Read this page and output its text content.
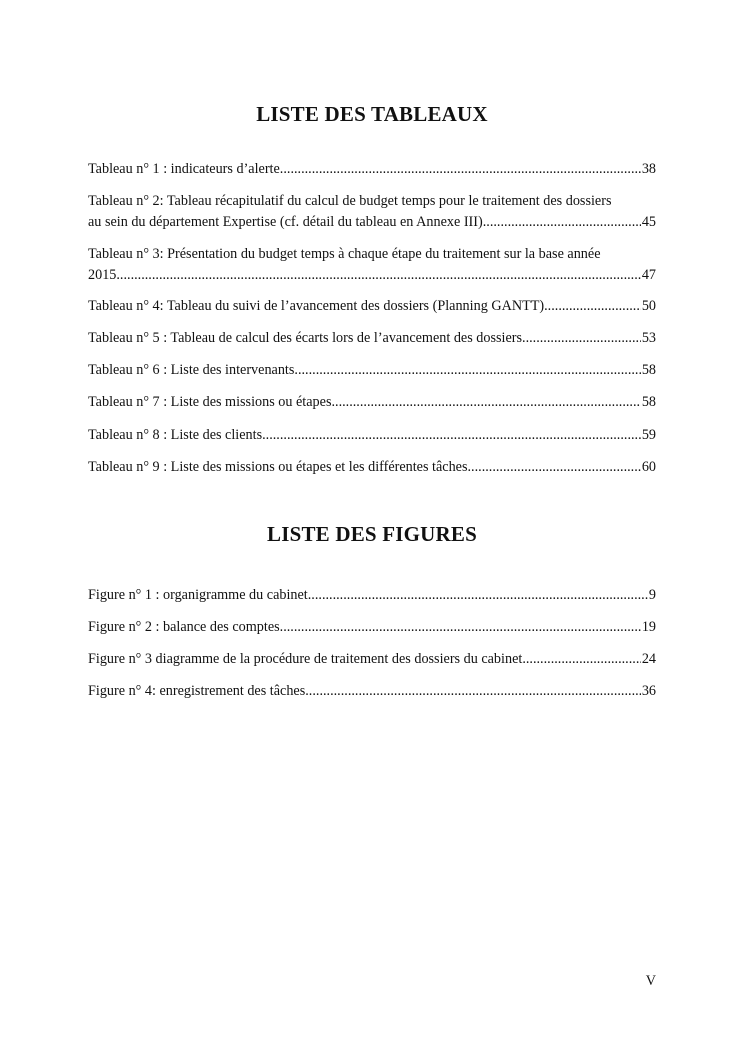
LISTE DES TABLEAUX
Tableau n° 1 : indicateurs d’alerte .....	38
Tableau n° 2: Tableau récapitulatif du calcul de budget temps pour le traitement des dossiers
au sein du département Expertise (cf. détail du tableau en Annexe III) .....	45
Tableau n° 3: Présentation du budget temps à chaque étape du traitement sur la base année
2015 .....	47
Tableau n° 4: Tableau du suivi de l’avancement des dossiers (Planning GANTT) .....	50
Tableau n° 5 : Tableau de calcul des écarts lors de l’avancement des dossiers .....	53
Tableau n° 6 : Liste des intervenants .....	58
Tableau n° 7 : Liste des missions ou étapes .....	58
Tableau n° 8 : Liste des clients .....	59
Tableau n° 9 : Liste des missions ou étapes et les différentes tâches .....	60
LISTE DES FIGURES
Figure n° 1 : organigramme du cabinet .....	9
Figure n° 2 : balance des comptes .....	19
Figure n° 3 diagramme de la procédure de traitement des dossiers du cabinet .....	24
Figure n° 4: enregistrement des tâches .....	36
V
